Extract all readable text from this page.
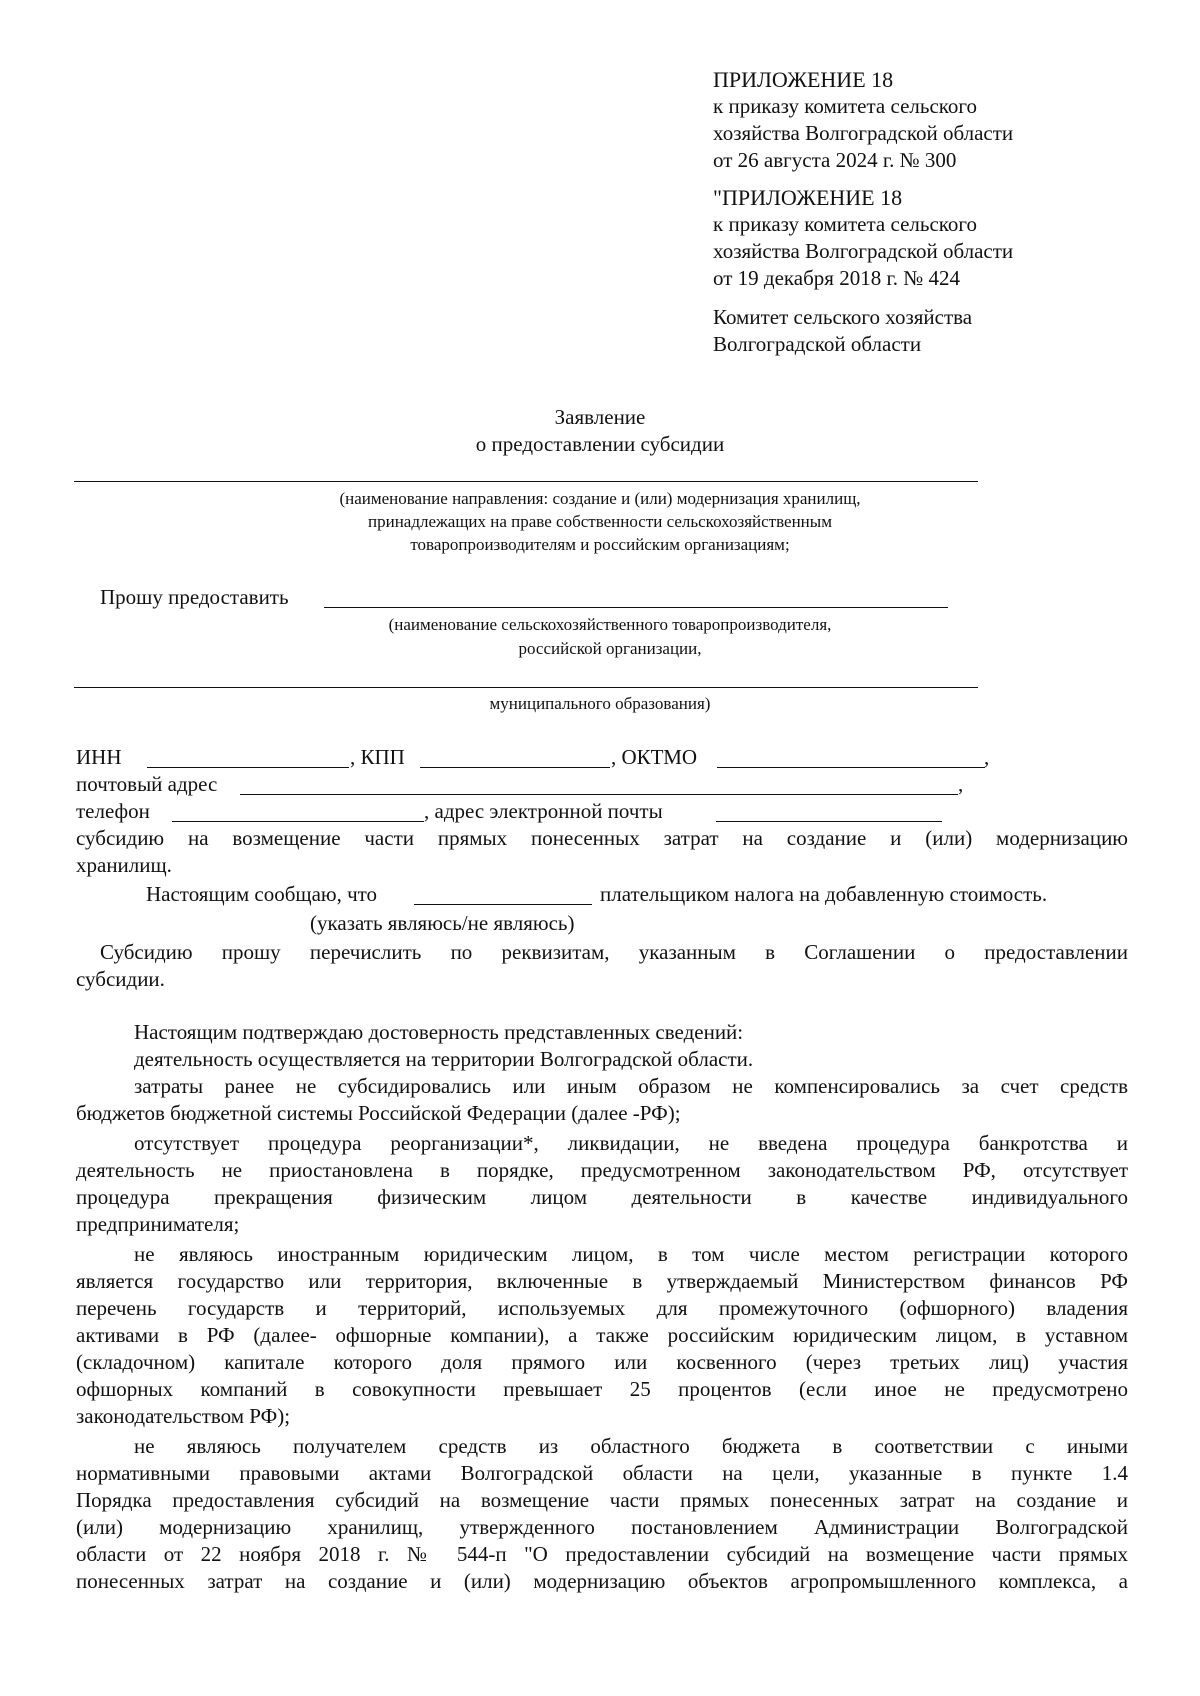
ПРИЛОЖЕНИЕ 18
к приказу комитета сельского
хозяйства Волгоградской области
от 26 августа 2024 г. № 300
"ПРИЛОЖЕНИЕ 18
к приказу комитета сельского
хозяйства Волгоградской области
от 19 декабря 2018 г. № 424
Комитет сельского хозяйства
Волгоградской области
Заявление
о предоставлении субсидии
(наименование направления: создание и (или) модернизация хранилищ,
принадлежащих на праве собственности сельскохозяйственным
товаропроизводителям и российским организациям;
Прошу предоставить
(наименование сельскохозяйственного товаропроизводителя,
российской организации,
муниципального образования)
ИНН	, КПП	, ОКТМО	,
почтовый адрес	,
телефон	, адрес электронной почты
субсидию на возмещение части прямых понесенных затрат на создание и (или) модернизацию
хранилищ.
Настоящим сообщаю, что	плательщиком налога на добавленную стоимость.
(указать являюсь/не являюсь)
Субсидию прошу перечислить по реквизитам, указанным в Соглашении о предоставлении
субсидии.
Настоящим подтверждаю достоверность представленных сведений:
деятельность осуществляется на территории Волгоградской области.
затраты ранее не субсидировались или иным образом не компенсировались за счет средств
бюджетов бюджетной системы Российской Федерации (далее -РФ);
отсутствует процедура реорганизации*, ликвидации, не введена процедура банкротства и
деятельность не приостановлена в порядке, предусмотренном законодательством РФ, отсутствует
процедура прекращения физическим лицом деятельности в качестве индивидуального
предпринимателя;
не являюсь иностранным юридическим лицом, в том числе местом регистрации которого
является государство или территория, включенные в утверждаемый Министерством финансов РФ
перечень государств и территорий, используемых для промежуточного (офшорного) владения
активами в РФ (далее- офшорные компании), а также российским юридическим лицом, в уставном
(складочном) капитале которого доля прямого или косвенного (через третьих лиц) участия
офшорных компаний в совокупности превышает 25 процентов (если иное не предусмотрено
законодательством РФ);
не являюсь получателем средств из областного бюджета в соответствии с иными
нормативными правовыми актами Волгоградской области на цели, указанные в пункте 1.4
Порядка предоставления субсидий на возмещение части прямых понесенных затрат на создание и
(или) модернизацию хранилищ, утвержденного постановлением Администрации Волгоградской
области от 22 ноября 2018 г. № 544-п "О предоставлении субсидий на возмещение части прямых
понесенных затрат на создание и (или) модернизацию объектов агропромышленного комплекса, а
